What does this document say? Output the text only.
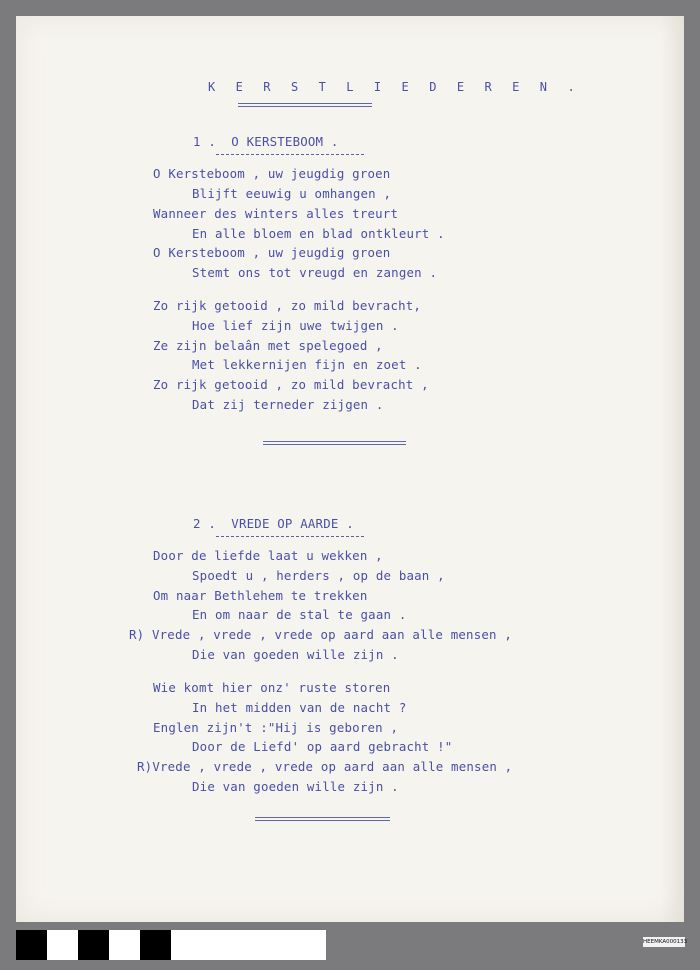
K E R S T L I E D E R E N .
1 .  O KERSTEBOOM .
O Kersteboom , uw jeugdig groen
Blijft eeuwig u omhangen ,
Wanneer des winters alles treurt
En alle bloem en blad ontkleurt .
O Kersteboom , uw jeugdig groen
Stemt ons tot vreugd en zangen .
Zo rijk getooid , zo mild bevracht,
Hoe lief zijn uwe twijgen .
Ze zijn belaân met spelegoed ,
Met lekkernijen fijn en zoet .
Zo rijk getooid , zo mild bevracht ,
Dat zij terneder zijgen .
2 .  VREDE OP AARDE .
Door de liefde laat u wekken ,
Spoedt u , herders , op de baan ,
Om naar Bethlehem te trekken
En om naar de stal te gaan .
R) Vrede , vrede , vrede op aard aan alle mensen ,
Die van goeden wille zijn .
Wie komt hier onz' ruste storen
In het midden van de nacht ?
Englen zijn't :"Hij is geboren ,
Door de Liefd' op aard gebracht !"
R)Vrede , vrede , vrede op aard aan alle mensen ,
Die van goeden wille zijn .
HEEMKA000133
